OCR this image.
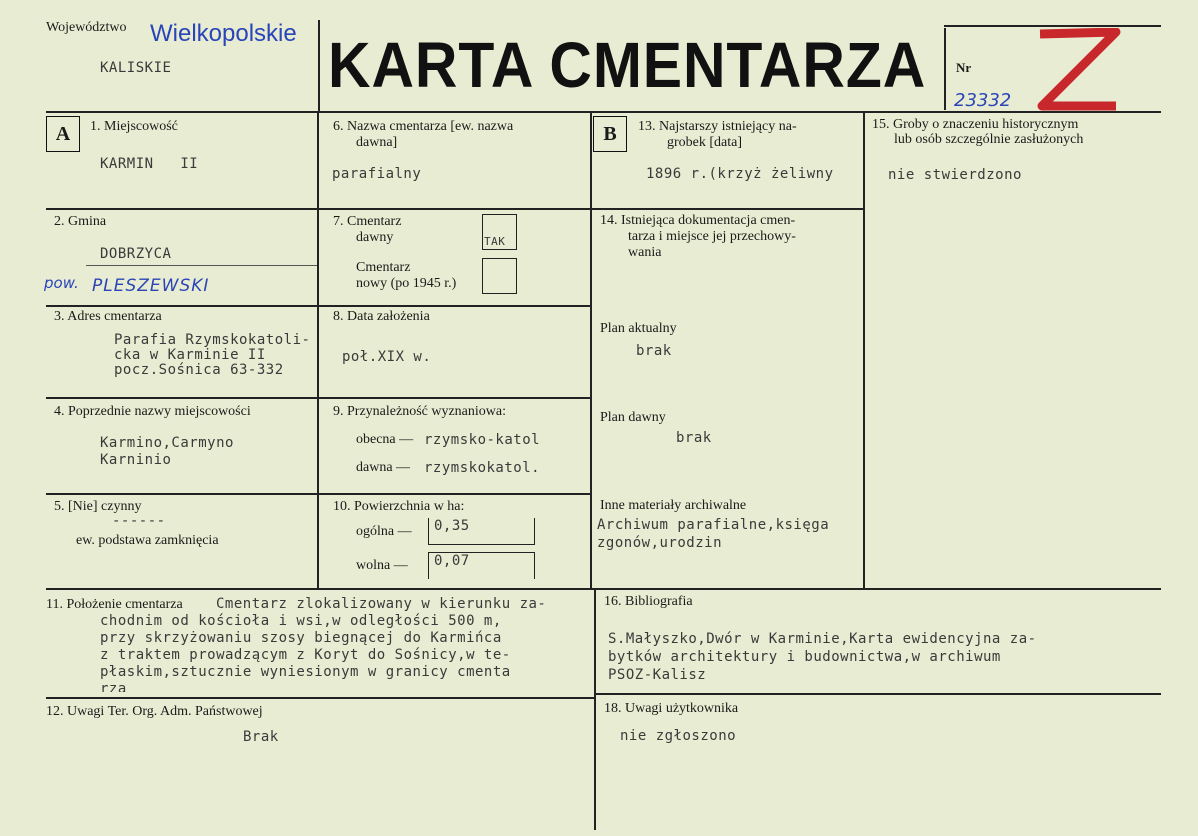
Województwo Wielkopolskie
KALISKIE KARTA CMENTARZA Nr
23332
A	1. Miejscowość
KARMIN   II
2. Gmina
DOBRZYCA
pow. PLESZEWSKI
3. Adres cmentarza
Parafia Rzymskokatoli-
cka w Karminie II
pocz.Sośnica 63-332
4. Poprzednie nazwy miejscowości
Karmino,Carmyno
Karninio
5. [Nie] czynny
------
ew. podstawa zamknięcia
6. Nazwa cmentarza [ew. nazwa
dawna]
parafialny
7. Cmentarz
dawny	TAK
Cmentarz
nowy (po 1945 r.)
8. Data założenia
poł.XIX w.
9. Przynależność wyznaniowa:
obecna — rzymsko-katol
dawna — rzymskokatol.
10. Powierzchnia w ha:
ogólna — 0,35
wolna — 0,07
B	13. Najstarszy istniejący na-
grobek [data]
1896 r.(krzyż żeliwny
14. Istniejąca dokumentacja cmen-
tarza i miejsce jej przechowy-
wania
Plan aktualny
brak
Plan dawny
brak
Inne materiały archiwalne
Archiwum parafialne,księga
zgonów,urodzin
15. Groby o znaczeniu historycznym
lub osób szczególnie zasłużonych
nie stwierdzono
11. Położenie cmentarza Cmentarz zlokalizowany w kierunku za-
chodnim od kościoła i wsi,w odległości 500 m,
przy skrzyżowaniu szosy biegnącej do Karmińca
z traktem prowadzącym z Koryt do Sośnicy,w te-
płaskim,sztucznie wyniesionym w granicy cmenta
rza
12. Uwagi Ter. Org. Adm. Państwowej
Brak
16. Bibliografia
S.Małyszko,Dwór w Karminie,Karta ewidencyjna za-
bytków architektury i budownictwa,w archiwum
PSOZ-Kalisz
18. Uwagi użytkownika
nie zgłoszono
